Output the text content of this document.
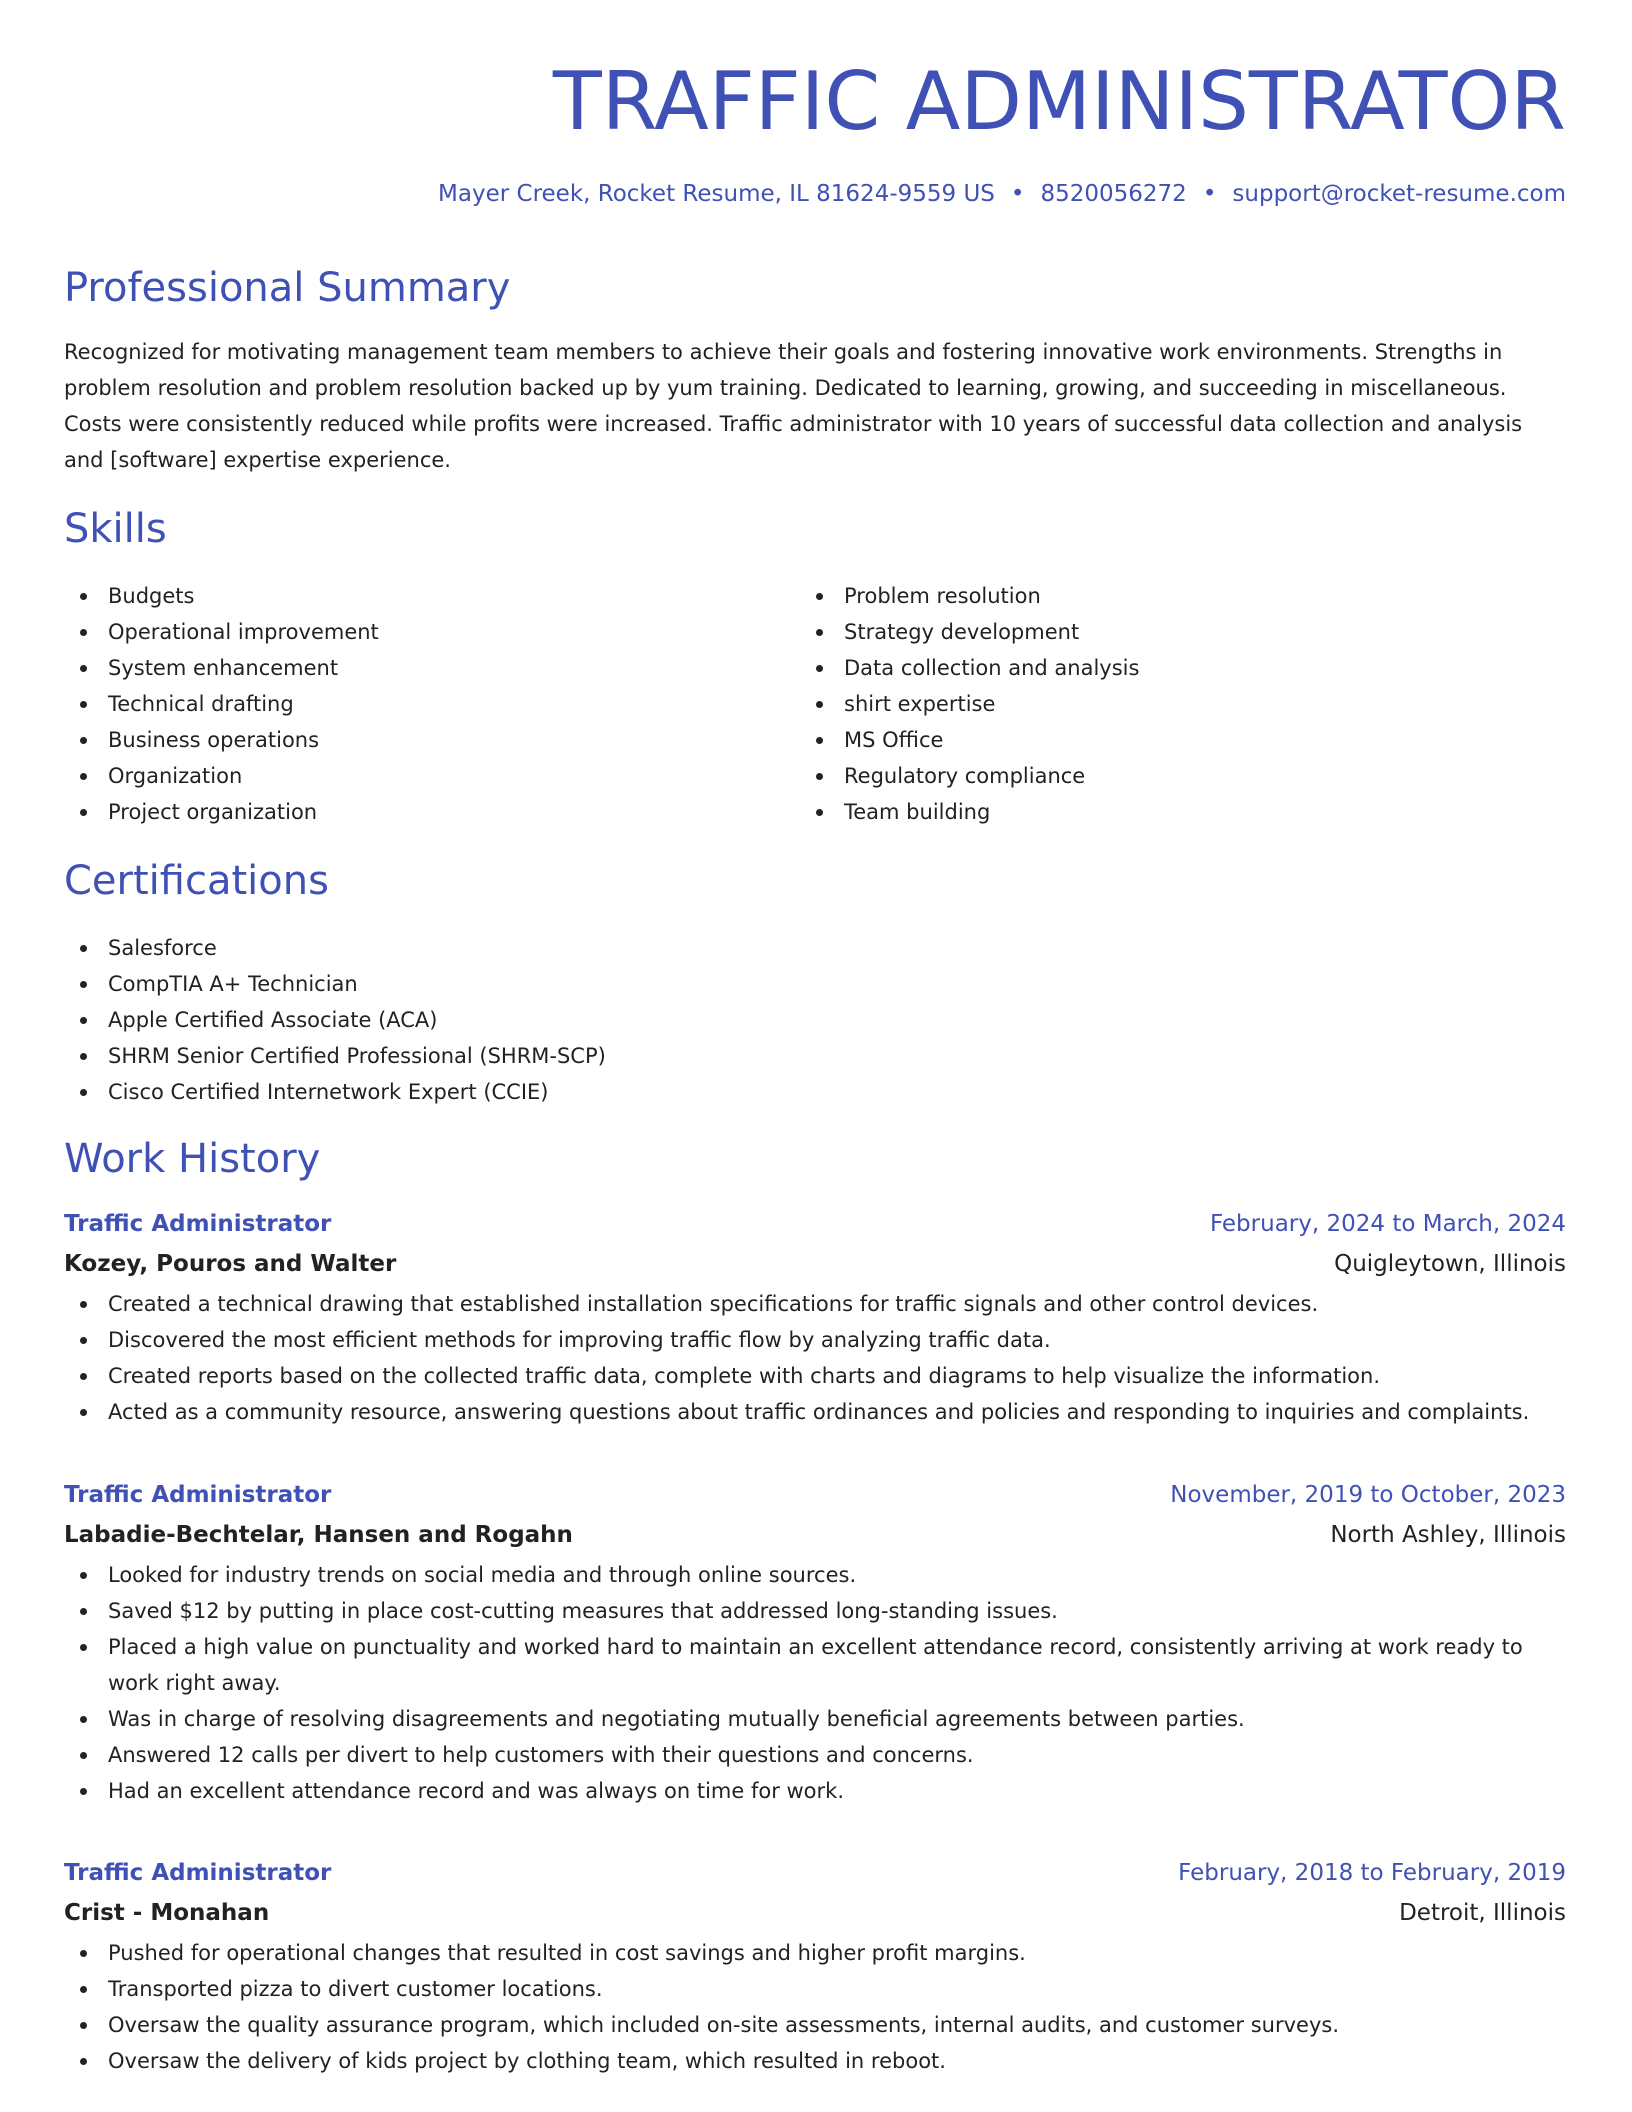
TRAFFIC ADMINISTRATOR
Mayer Creek, Rocket Resume, IL 81624-9559 US • 8520056272 • support@rocket-resume.com
Professional Summary

Recognized for motivating management team members to achieve their goals and fostering innovative work environments. Strengths in problem resolution and problem resolution backed up by yum training. Dedicated to learning, growing, and succeeding in miscellaneous. Costs were consistently reduced while profits were increased. Traffic administrator with 10 years of successful data collection and analysis and [software] expertise experience.

Skills
Budgets
Operational improvement
System enhancement
Technical drafting
Business operations
Organization
Project organization
Problem resolution
Strategy development
Data collection and analysis
shirt expertise
MS Office
Regulatory compliance
Team building
Certifications
Salesforce
CompTIA A+ Technician
Apple Certified Associate (ACA)
SHRM Senior Certified Professional (SHRM-SCP)
Cisco Certified Internetwork Expert (CCIE)
Work History
Traffic Administrator	February, 2024 to March, 2024
Kozey, Pouros and Walter	Quigleytown, Illinois
Created a technical drawing that established installation specifications for traffic signals and other control devices.
Discovered the most efficient methods for improving traffic flow by analyzing traffic data.
Created reports based on the collected traffic data, complete with charts and diagrams to help visualize the information.
Acted as a community resource, answering questions about traffic ordinances and policies and responding to inquiries and complaints.
Traffic Administrator	November, 2019 to October, 2023
Labadie-Bechtelar, Hansen and Rogahn	North Ashley, Illinois
Looked for industry trends on social media and through online sources.
Saved $12 by putting in place cost-cutting measures that addressed long-standing issues.
Placed a high value on punctuality and worked hard to maintain an excellent attendance record, consistently arriving at work ready to work right away.
Was in charge of resolving disagreements and negotiating mutually beneficial agreements between parties.
Answered 12 calls per divert to help customers with their questions and concerns.
Had an excellent attendance record and was always on time for work.
Traffic Administrator	February, 2018 to February, 2019
Crist - Monahan	Detroit, Illinois
Pushed for operational changes that resulted in cost savings and higher profit margins.
Transported pizza to divert customer locations.
Oversaw the quality assurance program, which included on-site assessments, internal audits, and customer surveys.
Oversaw the delivery of kids project by clothing team, which resulted in reboot.
